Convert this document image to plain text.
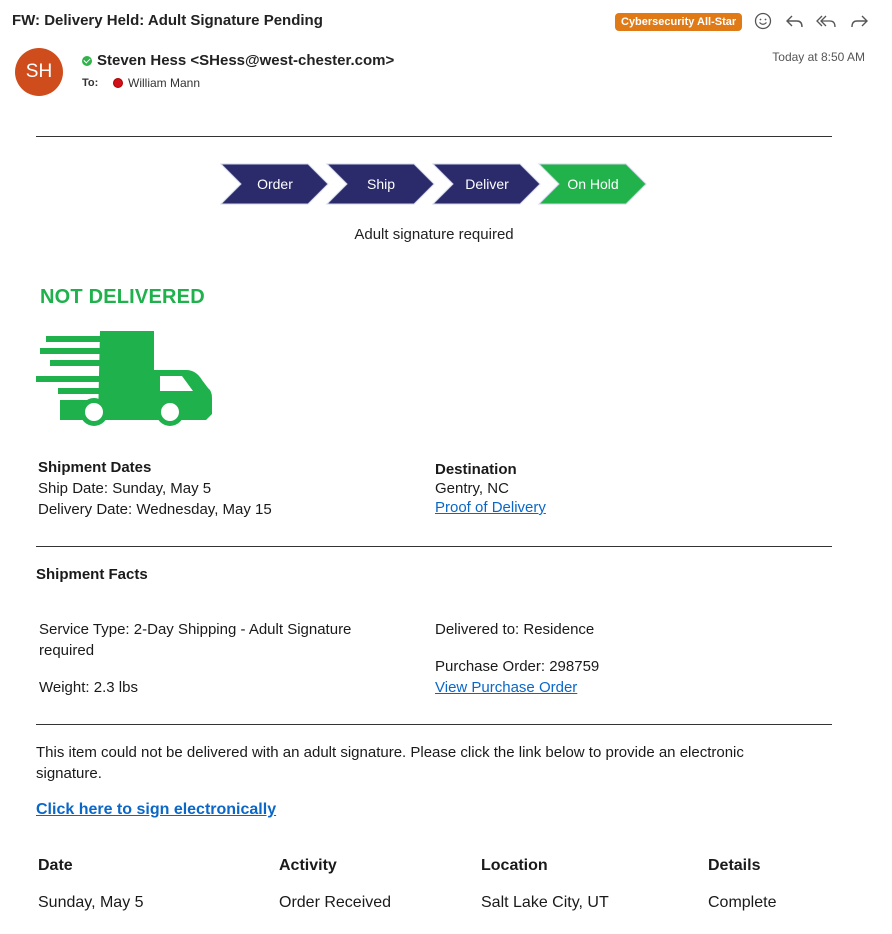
FW: Delivery Held: Adult Signature Pending	Cybersecurity All-Star
SH
Steven Hess <SHess@west-chester.com>
To: William Mann
Today at 8:50 AM
Order	Ship	Deliver	On Hold
Adult signature required
NOT DELIVERED
Shipment Dates
Ship Date: Sunday, May 5
Delivery Date: Wednesday, May 15
Destination
Gentry, NC
Proof of Delivery
Shipment Facts
Service Type: 2-Day Shipping - Adult Signature
required
Weight: 2.3 lbs
Delivered to: Residence
Purchase Order: 298759
View Purchase Order
This item could not be delivered with an adult signature. Please click the link below to provide an electronic
signature.
Click here to sign electronically
Date	Activity	Location	Details
Sunday, May 5	Order Received	Salt Lake City, UT	Complete
